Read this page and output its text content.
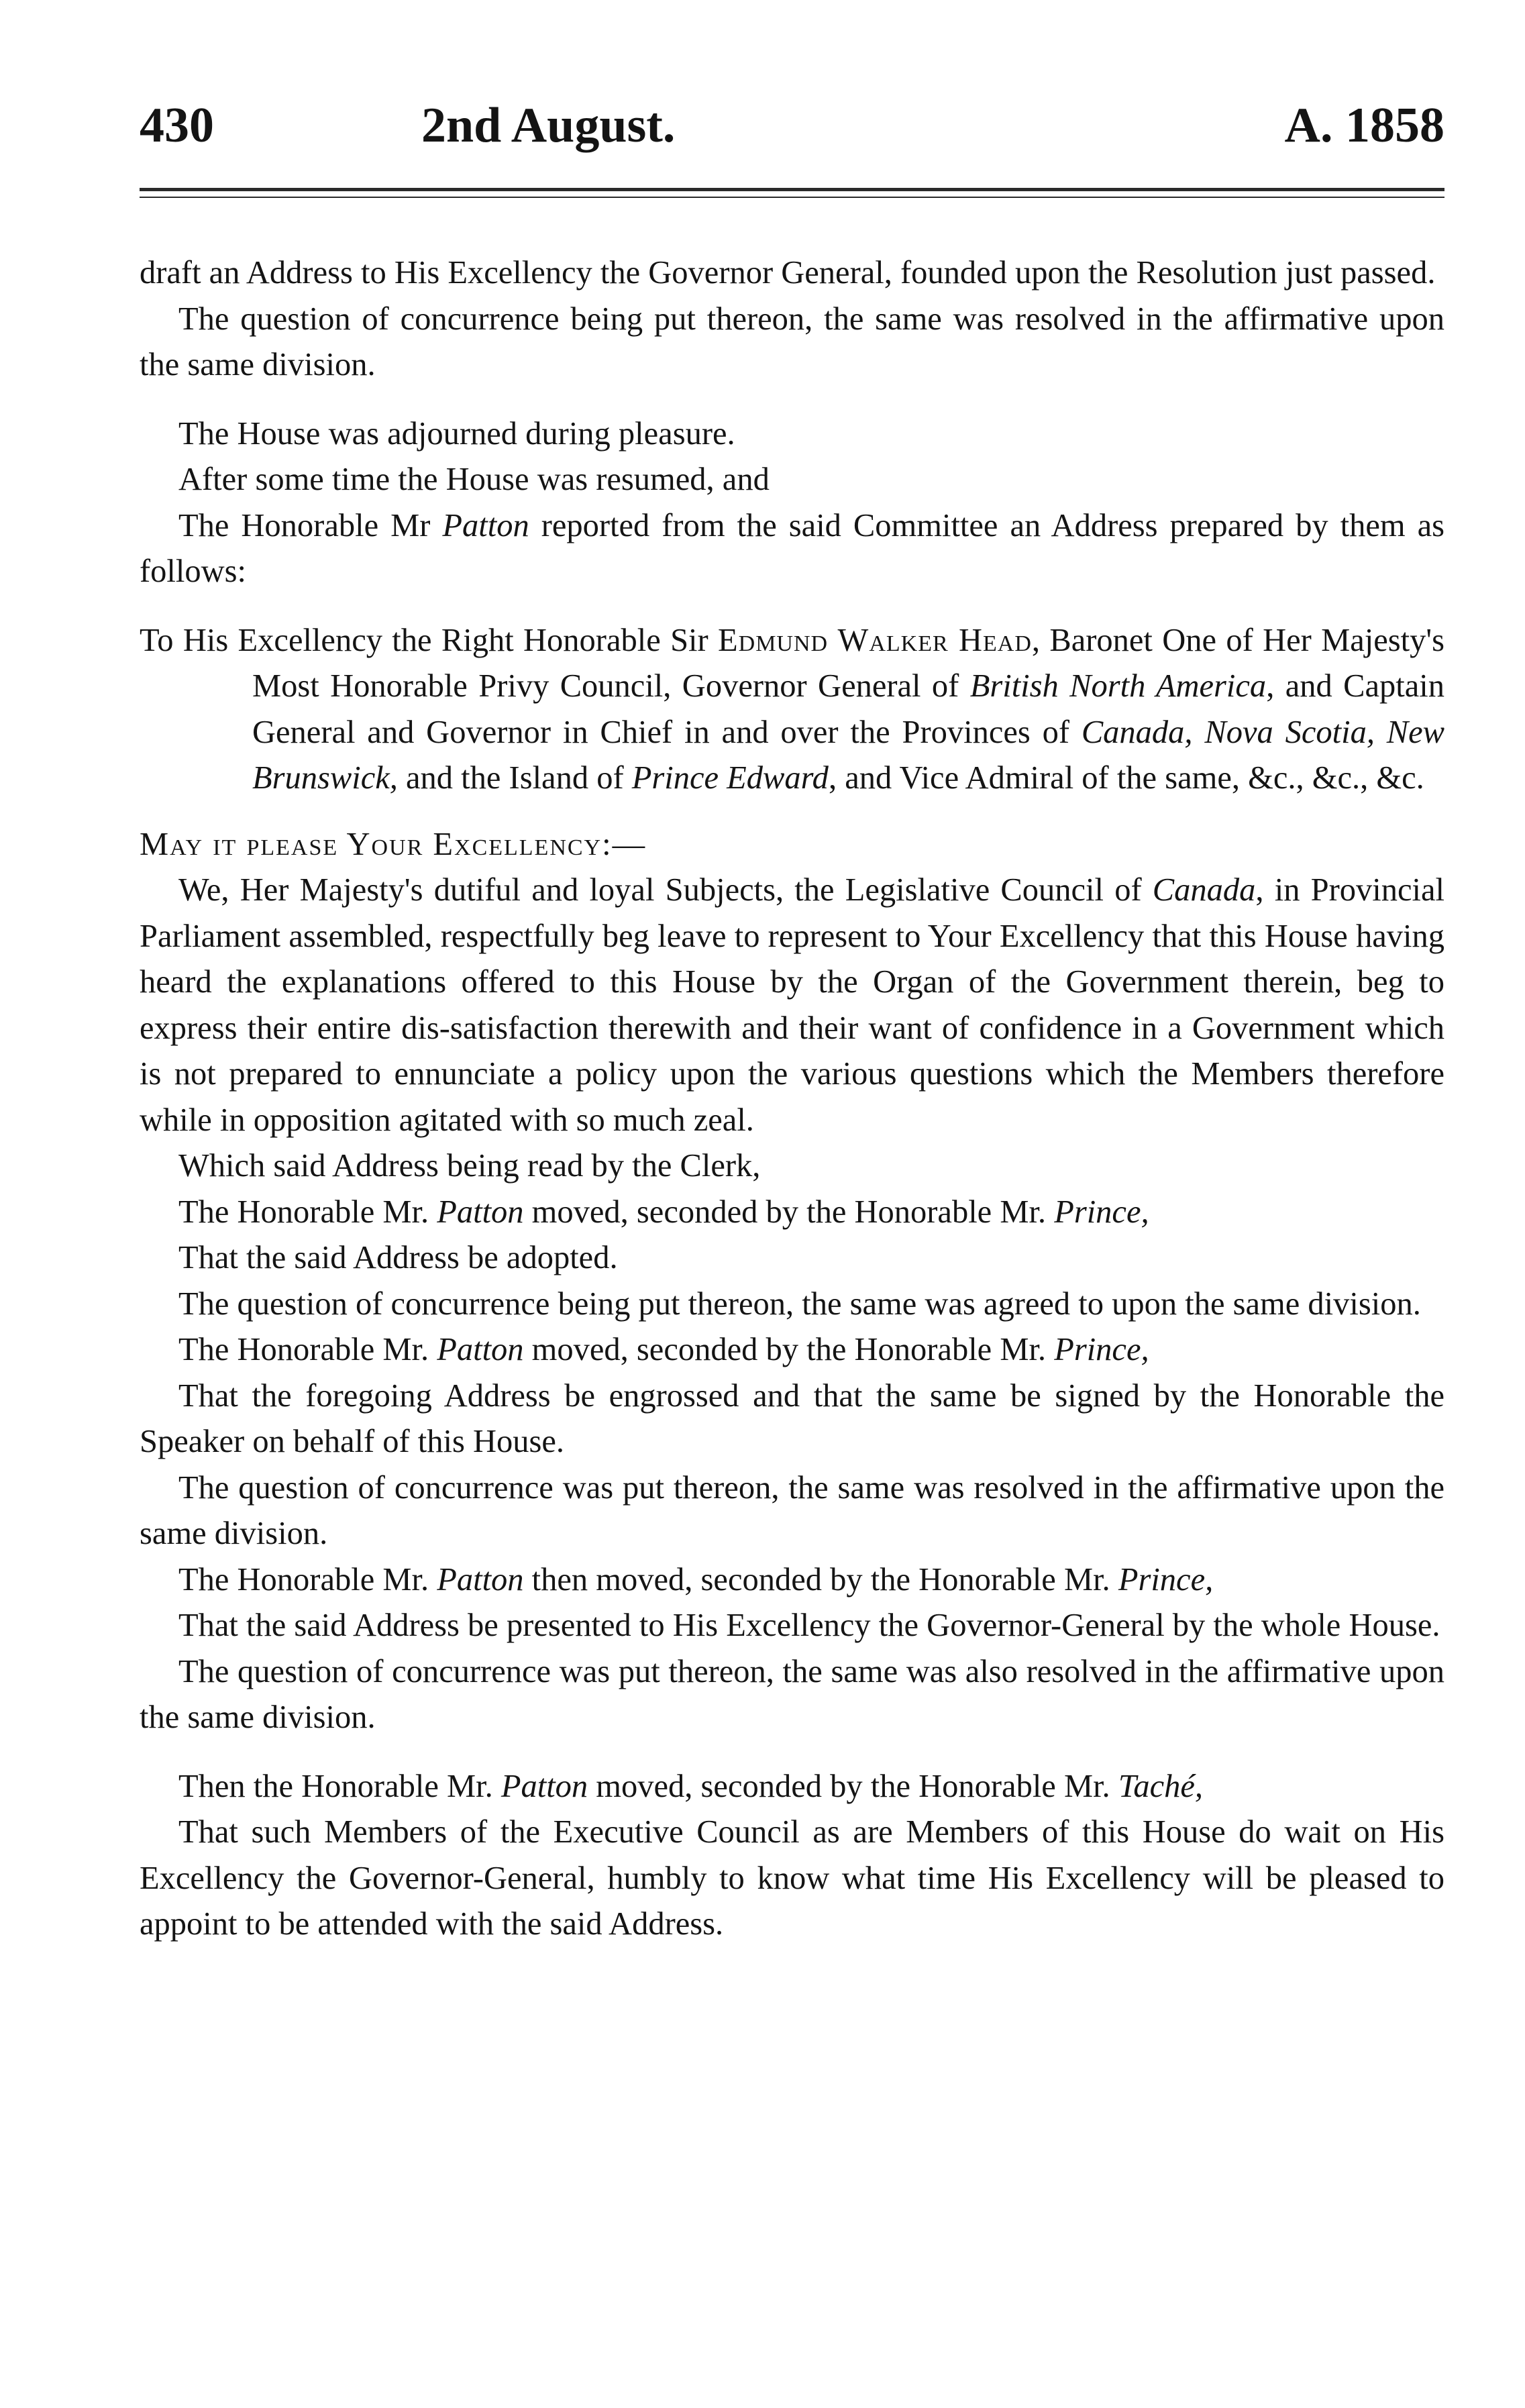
430	2nd August.	A. 1858

draft an Address to His Excellency the Governor General, founded upon the Resolution just passed.

The question of concurrence being put thereon, the same was resolved in the affirmative upon the same division.

The House was adjourned during pleasure.

After some time the House was resumed, and

The Honorable Mr Patton reported from the said Committee an Address prepared by them as follows:

To His Excellency the Right Honorable Sir Edmund Walker Head, Baronet One of Her Majesty's Most Honorable Privy Council, Governor General of British North America, and Captain General and Governor in Chief in and over the Provinces of Canada, Nova Scotia, New Brunswick, and the Island of Prince Edward, and Vice Admiral of the same, &c., &c., &c.

May it please Your Excellency:—

We, Her Majesty's dutiful and loyal Subjects, the Legislative Council of Canada, in Provincial Parliament assembled, respectfully beg leave to represent to Your Excellency that this House having heard the explanations offered to this House by the Organ of the Government therein, beg to express their entire dis-satisfaction therewith and their want of confidence in a Government which is not prepared to ennunciate a policy upon the various questions which the Members therefore while in opposition agitated with so much zeal.

Which said Address being read by the Clerk,

The Honorable Mr. Patton moved, seconded by the Honorable Mr. Prince,

That the said Address be adopted.

The question of concurrence being put thereon, the same was agreed to upon the same division.

The Honorable Mr. Patton moved, seconded by the Honorable Mr. Prince,

That the foregoing Address be engrossed and that the same be signed by the Honorable the Speaker on behalf of this House.

The question of concurrence was put thereon, the same was resolved in the affirmative upon the same division.

The Honorable Mr. Patton then moved, seconded by the Honorable Mr. Prince,

That the said Address be presented to His Excellency the Governor-General by the whole House.

The question of concurrence was put thereon, the same was also resolved in the affirmative upon the same division.

Then the Honorable Mr. Patton moved, seconded by the Honorable Mr. Taché,

That such Members of the Executive Council as are Members of this House do wait on His Excellency the Governor-General, humbly to know what time His Excellency will be pleased to appoint to be attended with the said Address.
